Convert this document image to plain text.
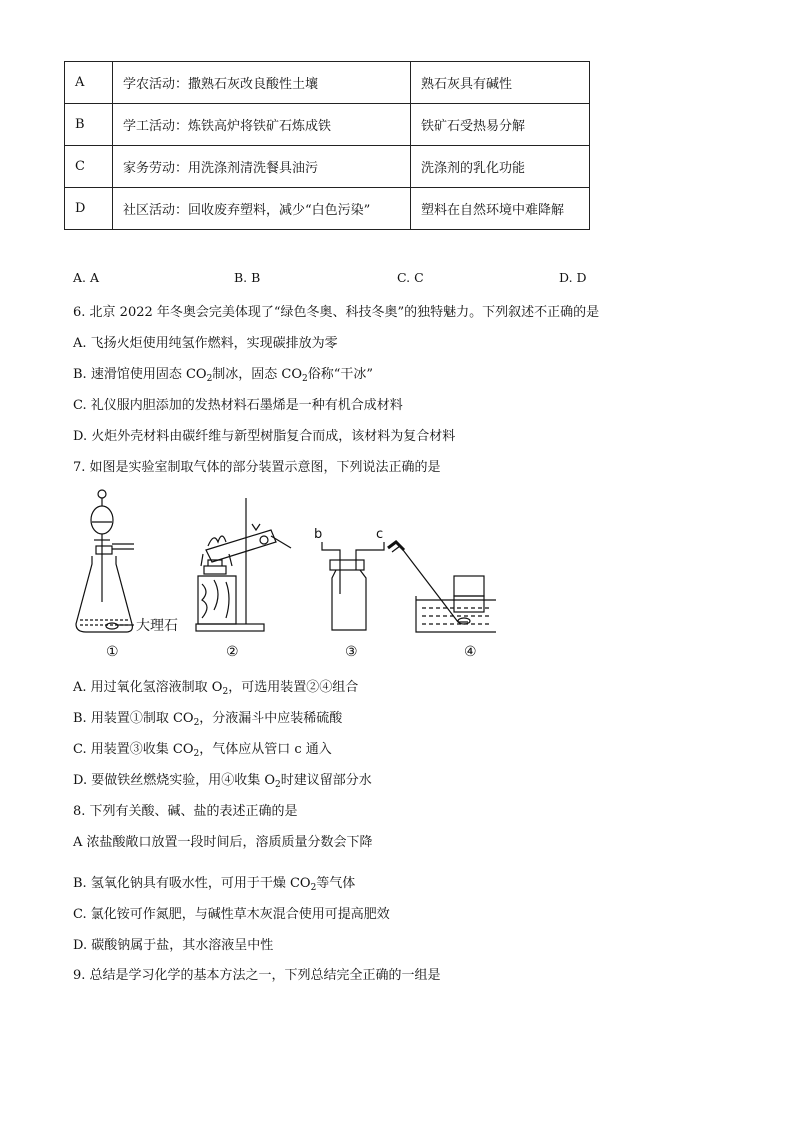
A	学农活动：撒熟石灰改良酸性土壤	熟石灰具有碱性
B	学工活动：炼铁高炉将铁矿石炼成铁	铁矿石受热易分解
C	家务劳动：用洗涤剂清洗餐具油污	洗涤剂的乳化功能
D	社区活动：回收废弃塑料，减少“白色污染”	塑料在自然环境中难降解
A. A	B. B	C. C	D. D
6. 北京 2022 年冬奥会完美体现了“绿色冬奥、科技冬奥”的独特魅力。下列叙述不正确的是
A. 飞扬火炬使用纯氢作燃料，实现碳排放为零
B. 速滑馆使用固态 $CO_2$制冰，固态 $CO_2$俗称“干冰”
C. 礼仪服内胆添加的发热材料石墨烯是一种有机合成材料
D. 火炬外壳材料由碳纤维与新型树脂复合而成，该材料为复合材料
7. 如图是实验室制取气体的部分装置示意图，下列说法正确的是
大理石
b	c
①	②	③	④
A. 用过氧化氢溶液制取 $O_2$，可选用装置②④组合
B. 用装置①制取 $CO_2$，分液漏斗中应装稀硫酸
C. 用装置③收集 $CO_2$，气体应从管口 c 通入
D. 要做铁丝燃烧实验，用④收集 $O_2$时建议留部分水
8. 下列有关酸、碱、盐的表述正确的是
A 浓盐酸敞口放置一段时间后，溶质质量分数会下降
B. 氢氧化钠具有吸水性，可用于干燥 $CO_2$等气体
C. 氯化铵可作氮肥，与碱性草木灰混合使用可提高肥效
D. 碳酸钠属于盐，其水溶液呈中性
9. 总结是学习化学的基本方法之一，下列总结完全正确的一组是
